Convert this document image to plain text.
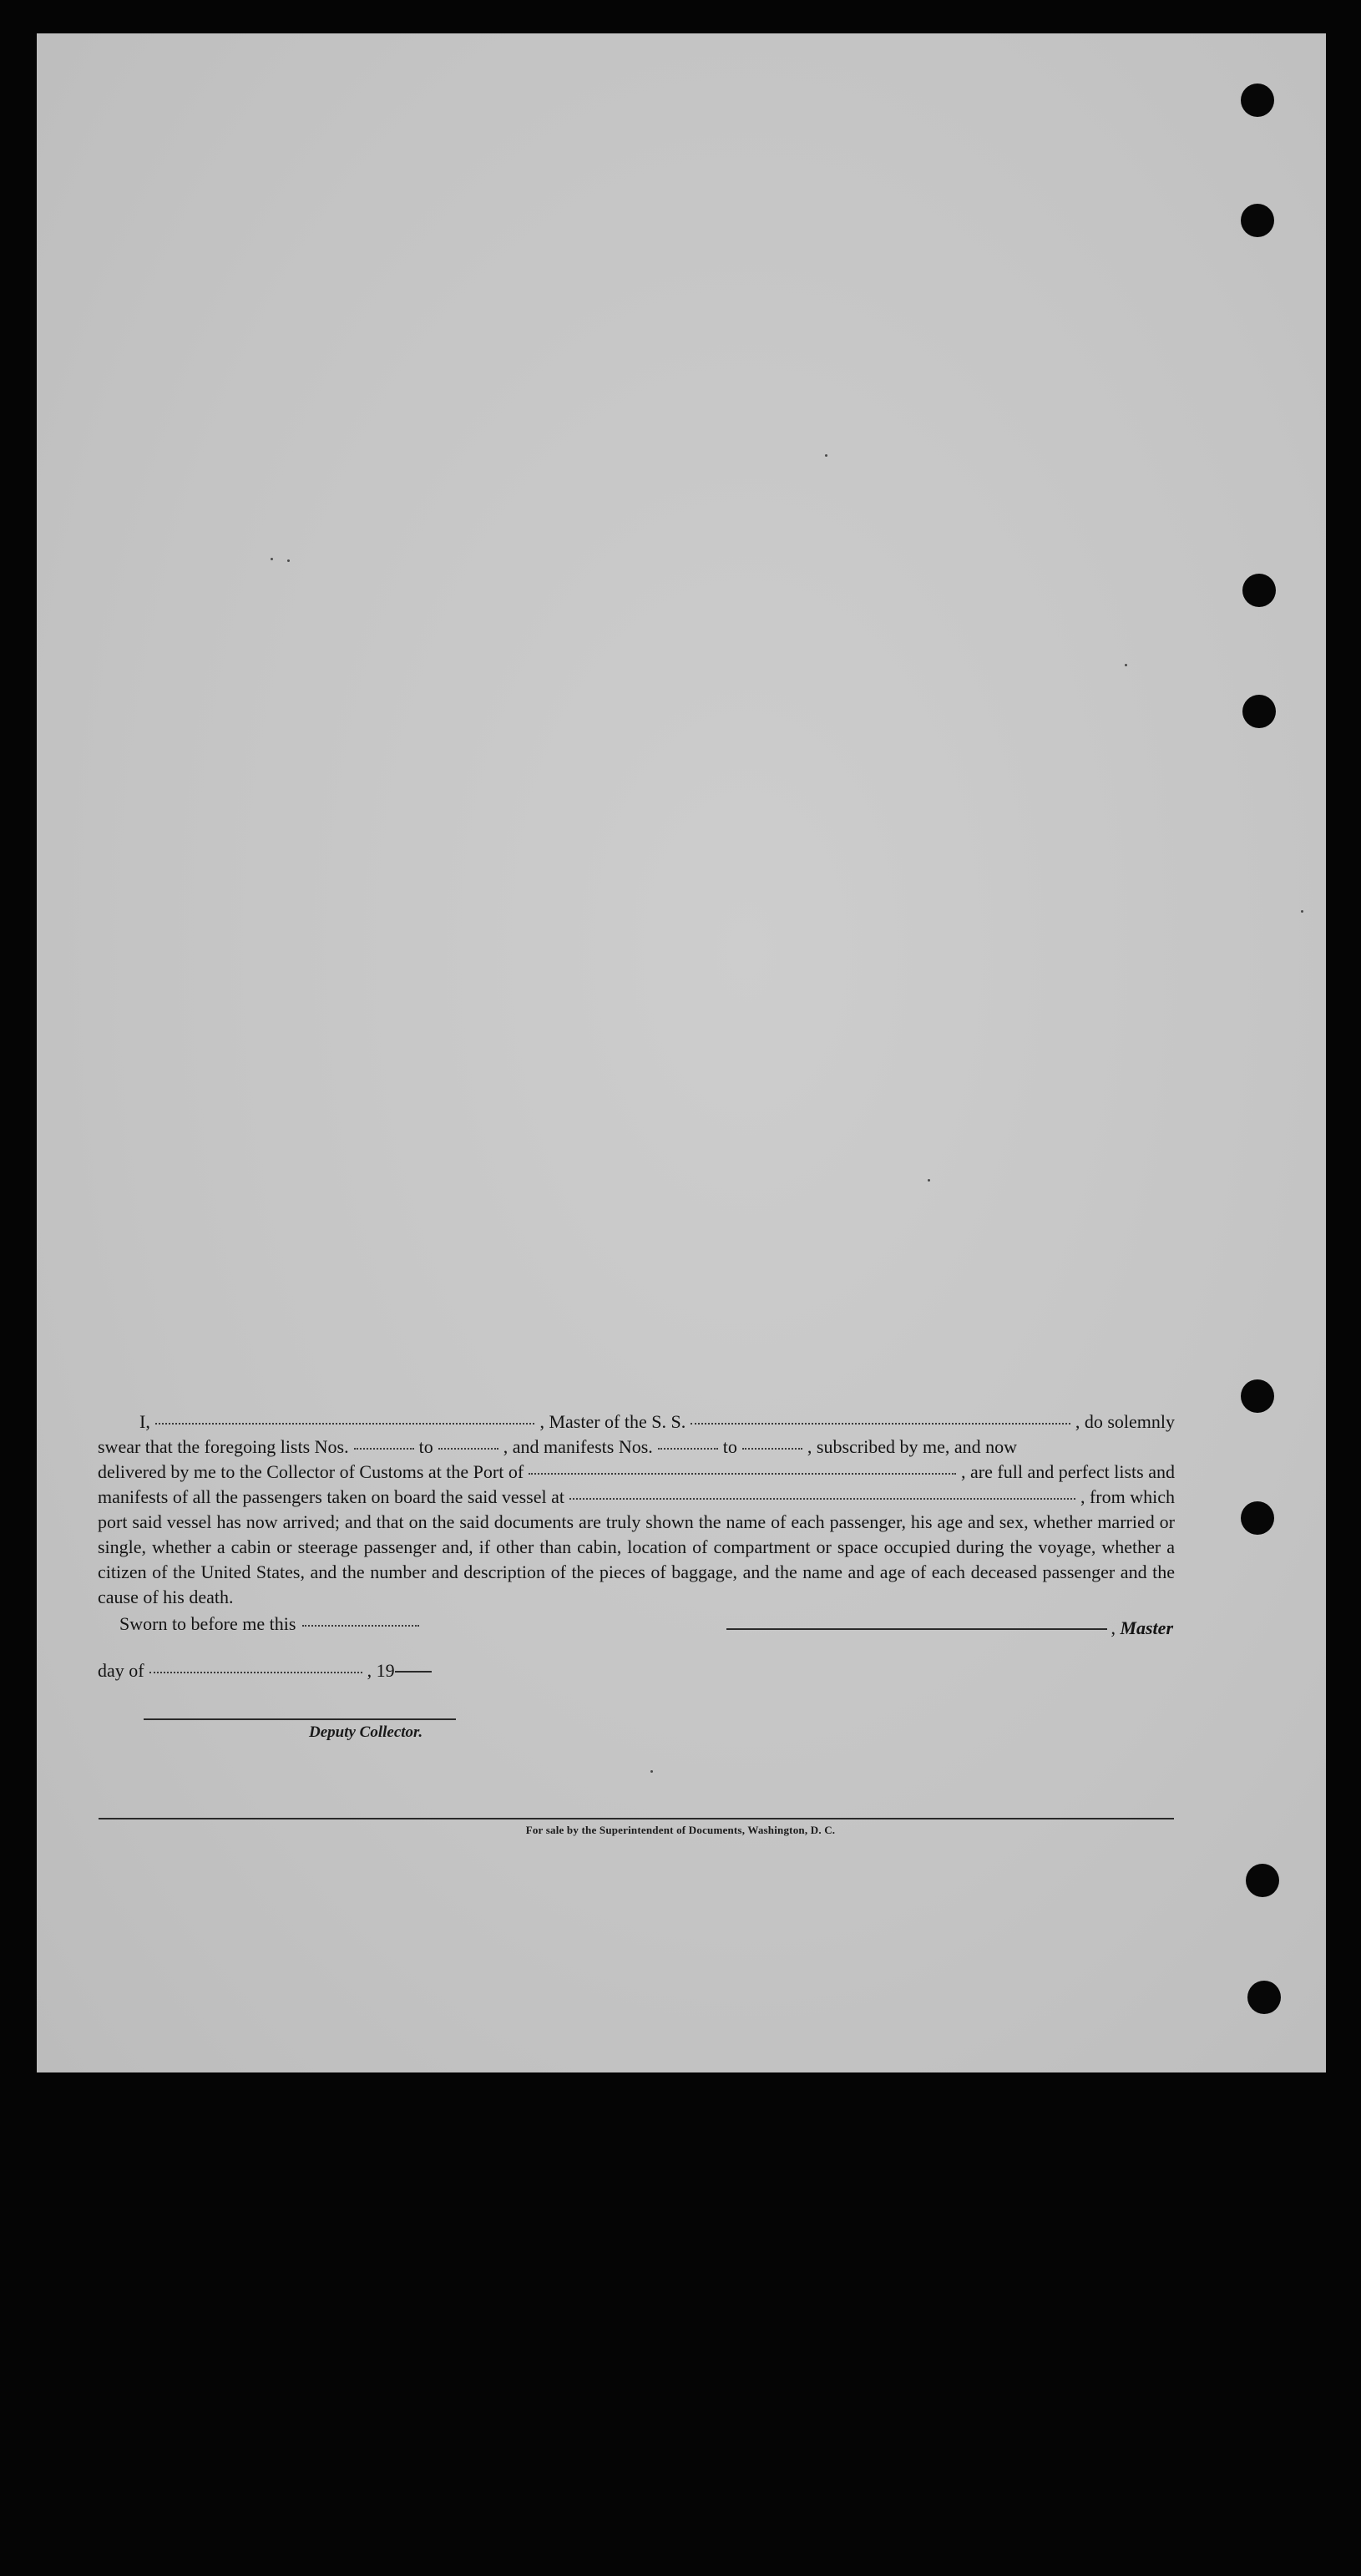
I,	, Master of the S. S.	, do solemnly
swear that the foregoing lists Nos.	to	, and manifests Nos.	to	, subscribed by me, and now
delivered by me to the Collector of Customs at the Port of	, are full and perfect lists and
manifests of all the passengers taken on board the said vessel at	, from which
port said vessel has now arrived; and that on the said documents are truly shown the name of each passenger, his age and sex, whether married or single, whether a cabin or steerage passenger and, if other than cabin, location of compartment or space occupied during the voyage, whether a citizen of the United States, and the number and description of the pieces of baggage, and the name and age of each deceased passenger and the cause of his death.
Sworn to before me this	,
Master
day of	, 19
Deputy Collector.
For sale by the Superintendent of Documents, Washington, D. C.
